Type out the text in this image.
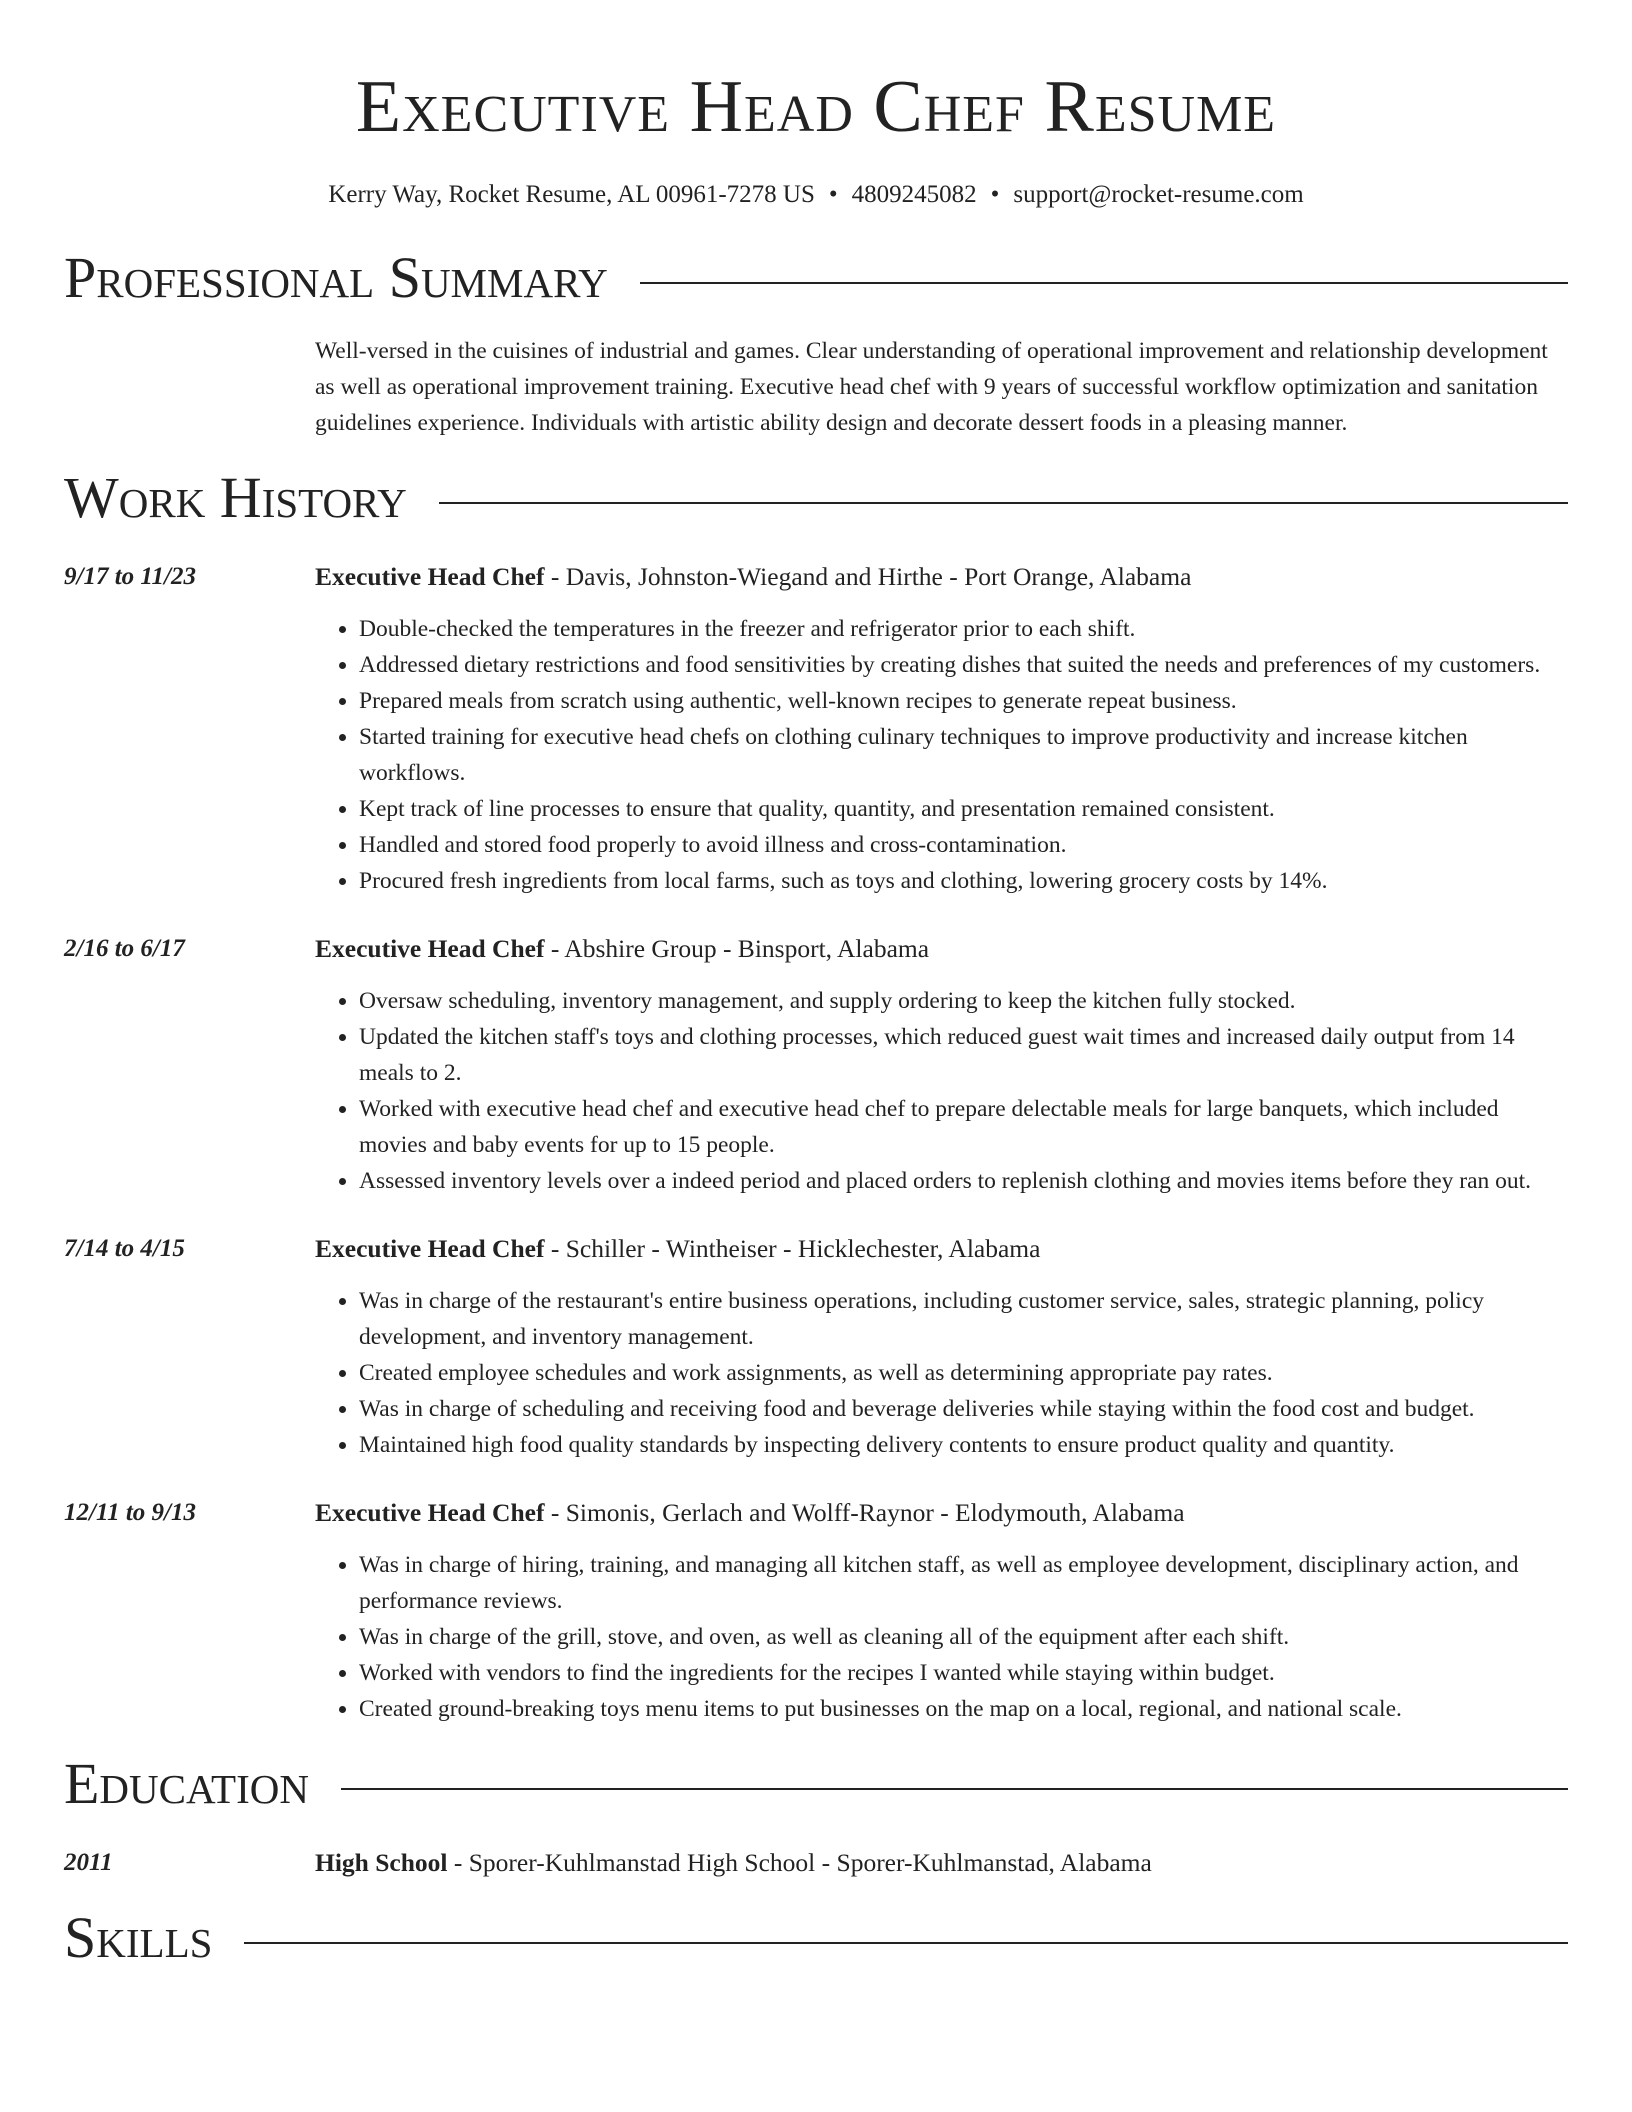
Executive Head Chef Resume
Kerry Way, Rocket Resume, AL 00961-7278 US • 4809245082 • support@rocket-resume.com
Professional Summary
Well-versed in the cuisines of industrial and games. Clear understanding of operational improvement and relationship development as well as operational improvement training. Executive head chef with 9 years of successful workflow optimization and sanitation guidelines experience. Individuals with artistic ability design and decorate dessert foods in a pleasing manner.
Work History
9/17 to 11/23	Executive Head Chef - Davis, Johnston-Wiegand and Hirthe - Port Orange, Alabama
• Double-checked the temperatures in the freezer and refrigerator prior to each shift.
• Addressed dietary restrictions and food sensitivities by creating dishes that suited the needs and preferences of my customers.
• Prepared meals from scratch using authentic, well-known recipes to generate repeat business.
• Started training for executive head chefs on clothing culinary techniques to improve productivity and increase kitchen workflows.
• Kept track of line processes to ensure that quality, quantity, and presentation remained consistent.
• Handled and stored food properly to avoid illness and cross-contamination.
• Procured fresh ingredients from local farms, such as toys and clothing, lowering grocery costs by 14%.
2/16 to 6/17	Executive Head Chef - Abshire Group - Binsport, Alabama
• Oversaw scheduling, inventory management, and supply ordering to keep the kitchen fully stocked.
• Updated the kitchen staff's toys and clothing processes, which reduced guest wait times and increased daily output from 14 meals to 2.
• Worked with executive head chef and executive head chef to prepare delectable meals for large banquets, which included movies and baby events for up to 15 people.
• Assessed inventory levels over a indeed period and placed orders to replenish clothing and movies items before they ran out.
7/14 to 4/15	Executive Head Chef - Schiller - Wintheiser - Hicklechester, Alabama
• Was in charge of the restaurant's entire business operations, including customer service, sales, strategic planning, policy development, and inventory management.
• Created employee schedules and work assignments, as well as determining appropriate pay rates.
• Was in charge of scheduling and receiving food and beverage deliveries while staying within the food cost and budget.
• Maintained high food quality standards by inspecting delivery contents to ensure product quality and quantity.
12/11 to 9/13	Executive Head Chef - Simonis, Gerlach and Wolff-Raynor - Elodymouth, Alabama
• Was in charge of hiring, training, and managing all kitchen staff, as well as employee development, disciplinary action, and performance reviews.
• Was in charge of the grill, stove, and oven, as well as cleaning all of the equipment after each shift.
• Worked with vendors to find the ingredients for the recipes I wanted while staying within budget.
• Created ground-breaking toys menu items to put businesses on the map on a local, regional, and national scale.
Education
2011	High School - Sporer-Kuhlmanstad High School - Sporer-Kuhlmanstad, Alabama
Skills
